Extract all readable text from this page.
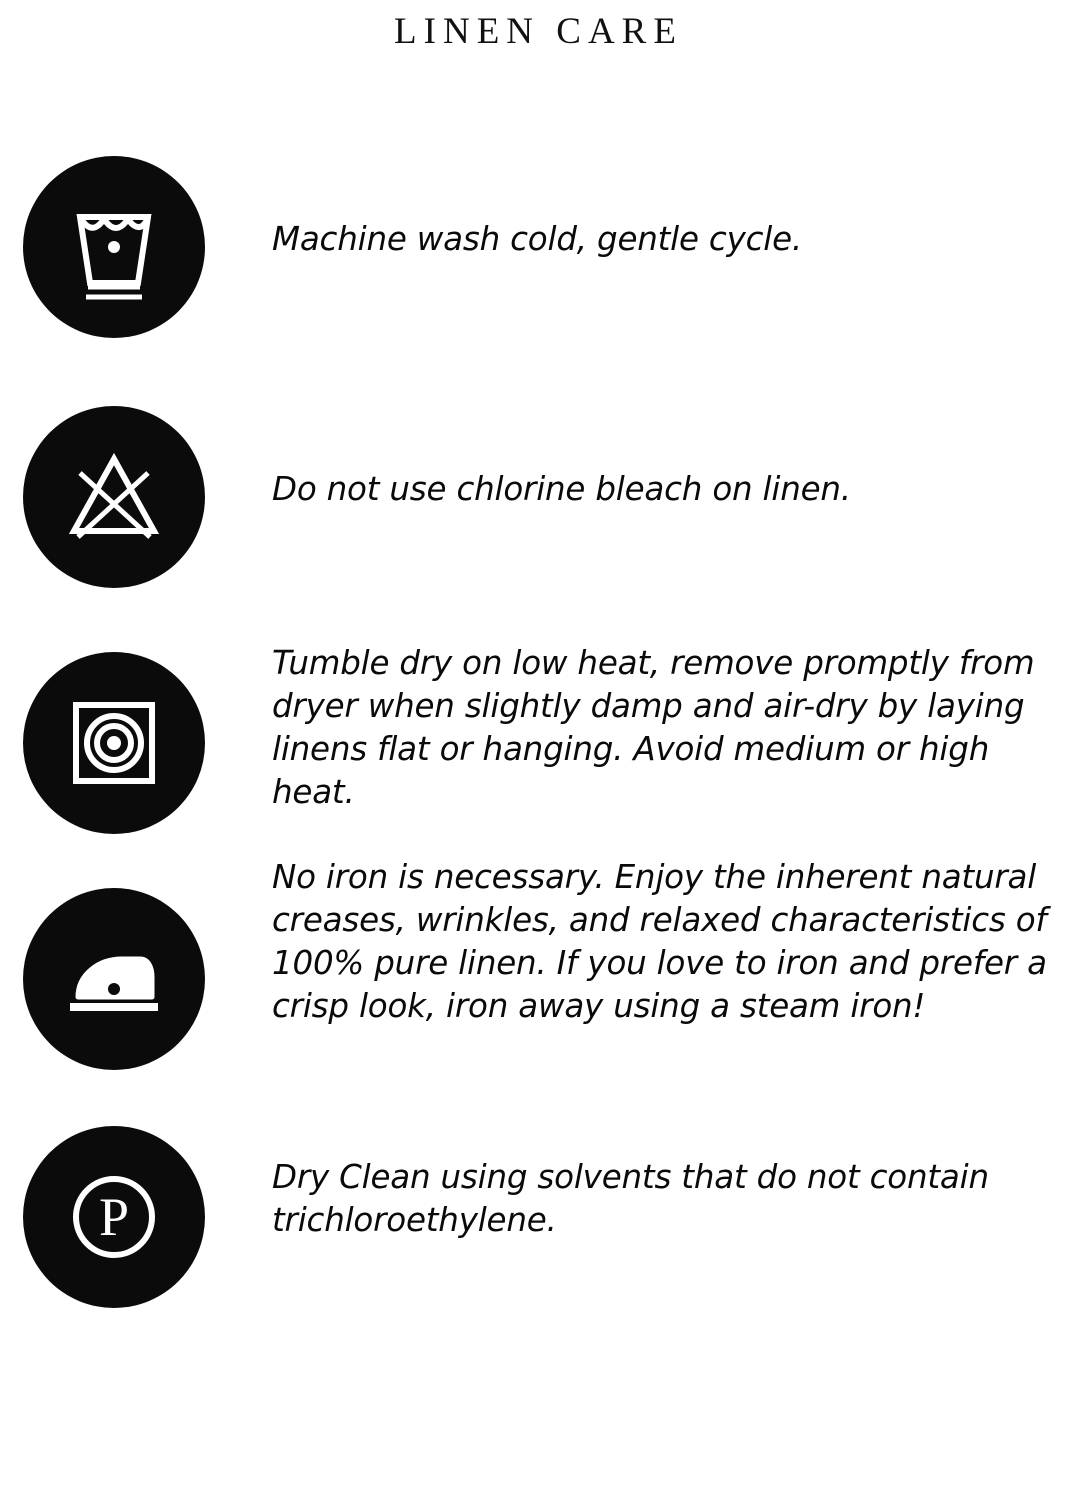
LINEN CARE
Machine wash cold, gentle cycle.
Do not use chlorine bleach on linen.
Tumble dry on low heat, remove promptly from dryer when slightly damp and air-dry by laying linens flat or hanging. Avoid medium or high heat.
No iron is necessary. Enjoy the inherent natural creases, wrinkles, and relaxed characteristics of 100% pure linen. If you love to iron and prefer a crisp look, iron away using a steam iron!
P
Dry Clean using solvents that do not contain trichloroethylene.
